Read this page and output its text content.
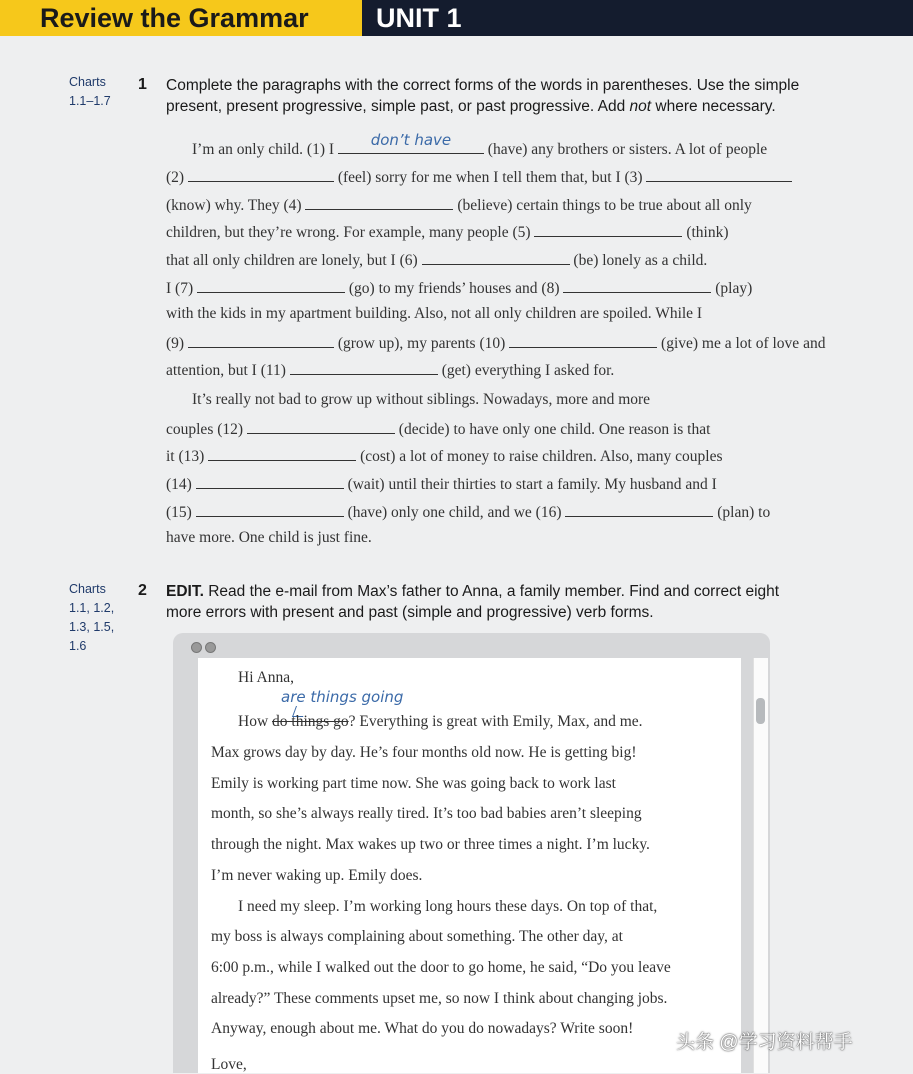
Review the Grammar	UNIT 1
Charts
1.1–1.7
1 Complete the paragraphs with the correct forms of the words in parentheses. Use the simple
present, present progressive, simple past, or past progressive. Add not where necessary.
I’m an only child. (1) I
don’t have
(have) any brothers or sisters. A lot of people
(2)	(feel) sorry for me when I tell them that, but I (3)
(know) why. They (4)	(believe) certain things to be true about all only
children, but they’re wrong. For example, many people (5)	(think)
that all only children are lonely, but I (6)	(be) lonely as a child.
I (7)	(go) to my friends’ houses and (8)	(play)
with the kids in my apartment building. Also, not all only children are spoiled. While I
(9)	(grow up), my parents (10)	(give) me a lot of love and
attention, but I (11)	(get) everything I asked for.
It’s really not bad to grow up without siblings. Nowadays, more and more
couples (12)	(decide) to have only one child. One reason is that
it (13)	(cost) a lot of money to raise children. Also, many couples
(14)	(wait) until their thirties to start a family. My husband and I
(15)	(have) only one child, and we (16)	(plan) to
have more. One child is just fine.
Charts
1.1, 1.2,
1.3, 1.5,
1.6
2 EDIT. Read the e-mail from Max’s father to Anna, a family member. Find and correct eight
more errors with present and past (simple and progressive) verb forms.
Hi Anna,
are things going
How do things go? Everything is great with Emily, Max, and me.
Max grows day by day. He’s four months old now. He is getting big!
Emily is working part time now. She was going back to work last
month, so she’s always really tired. It’s too bad babies aren’t sleeping
through the night. Max wakes up two or three times a night. I’m lucky.
I’m never waking up. Emily does.
I need my sleep. I’m working long hours these days. On top of that,
my boss is always complaining about something. The other day, at
6:00 p.m., while I walked out the door to go home, he said, “Do you leave
already?” These comments upset me, so now I think about changing jobs.
Anyway, enough about me. What do you do nowadays? Write soon!
Love,
头条 @学习资料帮手
